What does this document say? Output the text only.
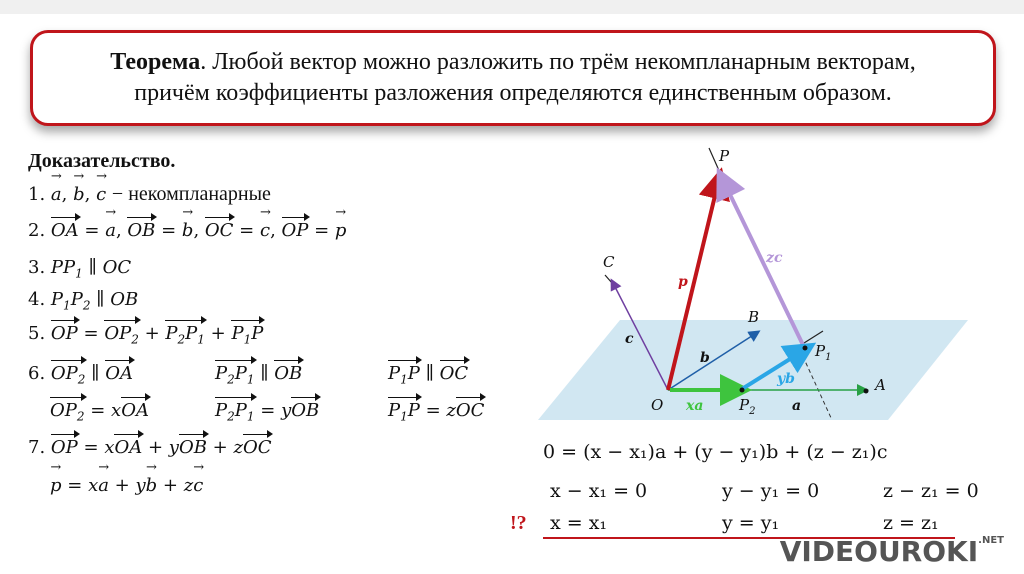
Теорема. Любой вектор можно разложить по трём некомпланарным векторам,
причём коэффициенты разложения определяются единственным образом.
Доказательство.
1. → a, → b, → c − некомпланарные
2. OA = → a, OB = → b, OC = → c, OP = → p
3. $PP_1$ ∥ OC
4. $P_1P_2$ ∥ OB
5. OP = $OP_2 + P_2P_1 + P_1P$
6. $OP_2$ ∥ OA	$P_2P_1$ ∥ OB	$P_1P$ ∥ OC
$OP_2$ = xOA	$P_2P_1$ = yOB	$P_1P$ = zOC
7. OP = xOA + yOB + zOC
→ p = x→ a + y→ b + z→ c
P
C
B
A
O
$P_1$
$P_2$
p
zc
c
b
yb
xa	a
0 = (x − x₁)a + (y − y₁)b + (z − z₁)c
x − x₁ = 0	y − y₁ = 0	z − z₁ = 0
!? x = x₁	y = y₁	z = z₁
$VIDEOUROKI^{.NET}$
